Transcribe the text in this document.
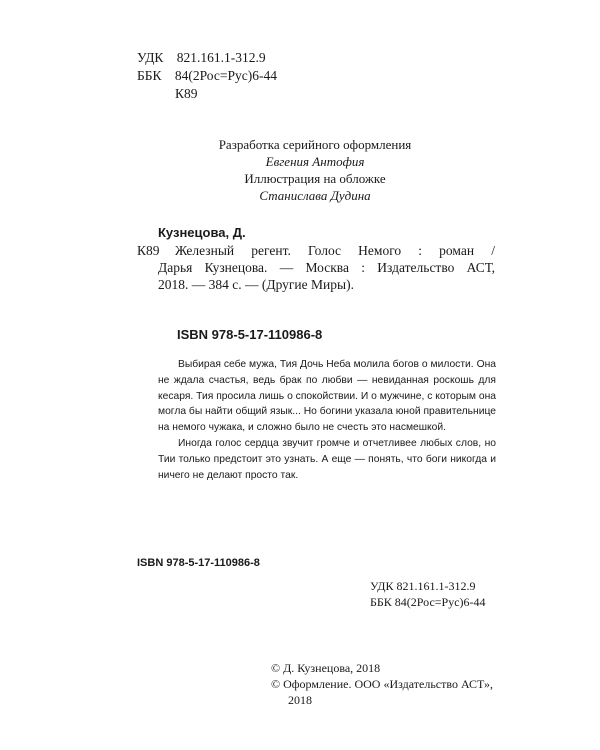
УДК 821.161.1-312.9
ББК 84(2Рос=Рус)6-44
К89
Разработка серийного оформления
Евгения Антофия
Иллюстрация на обложке
Станислава Дудина
Кузнецова, Д.
К89 Железный регент. Голос Немого : роман /
Дарья Кузнецова. — Москва : Издательство АСТ,
2018. — 384 с. — (Другие Миры).
ISBN 978-5-17-110986-8
Выбирая себе мужа, Тия Дочь Неба молила богов о милости. Она не ждала счастья, ведь брак по любви — невиданная роскошь для кесаря. Тия просила лишь о спокойствии. И о мужчине, с которым она могла бы найти общий язык... Но богини указала юной правительнице на немого чужака, и сложно было не счесть это насмешкой.
Иногда голос сердца звучит громче и отчетливее любых слов, но Тии только предстоит это узнать. А еще — понять, что боги никогда и ничего не делают просто так.
ISBN 978-5-17-110986-8
УДК 821.161.1-312.9
ББК 84(2Рос=Рус)6-44
© Д. Кузнецова, 2018
© Оформление. ООО «Издательство АСТ»,
2018
